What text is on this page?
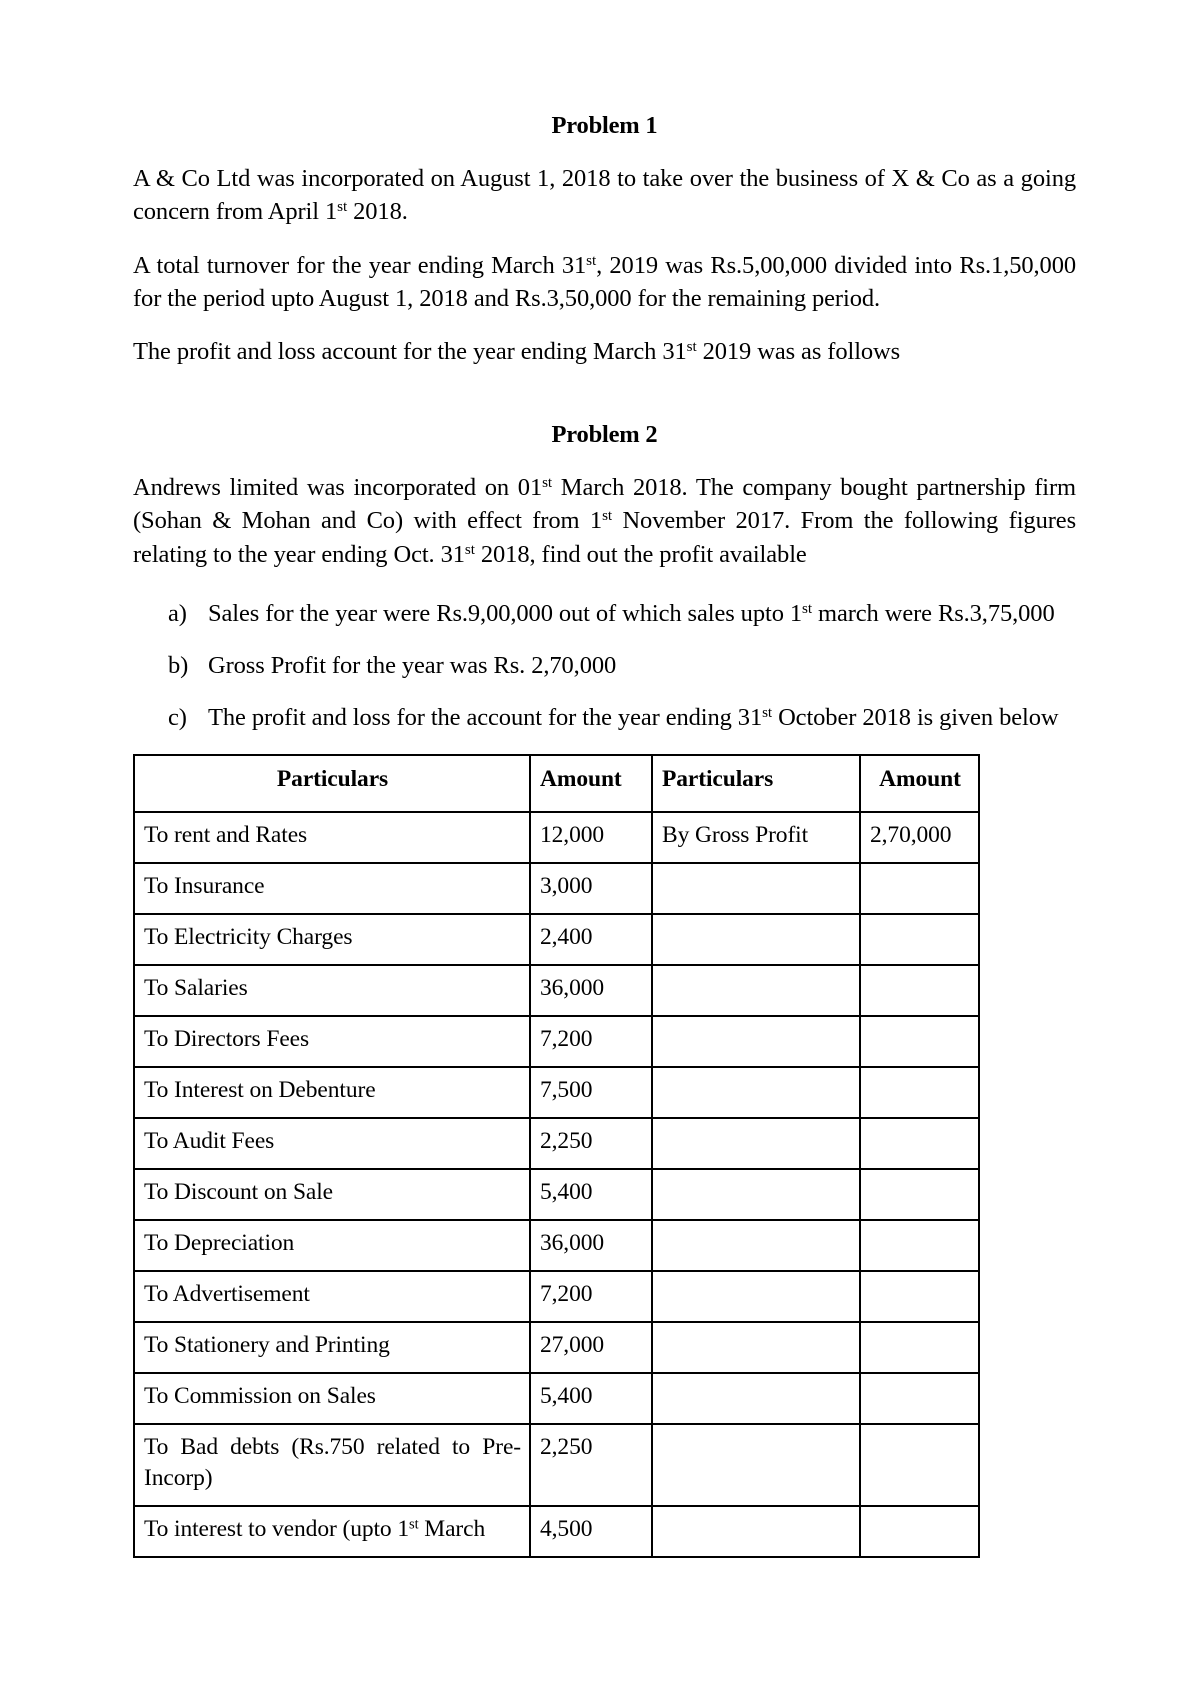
Problem 1

A & Co Ltd was incorporated on August 1, 2018 to take over the business of X & Co as a going concern from April 1st 2018.

A total turnover for the year ending March 31st, 2019 was Rs.5,00,000 divided into Rs.1,50,000 for the period upto August 1, 2018 and Rs.3,50,000 for the remaining period.

The profit and loss account for the year ending March 31st 2019 was as follows

Problem 2

Andrews limited was incorporated on 01st March 2018. The company bought partnership firm (Sohan & Mohan and Co) with effect from 1st November 2017. From the following figures relating to the year ending Oct. 31st 2018, find out the profit available

a) Sales for the year were Rs.9,00,000 out of which sales upto 1st march were Rs.3,75,000
b) Gross Profit for the year was Rs. 2,70,000
c) The profit and loss for the account for the year ending 31st October 2018 is given below
Particulars	Amount	Particulars	Amount
To rent and Rates	12,000	By Gross Profit	2,70,000
To Insurance	3,000		
To Electricity Charges	2,400		
To Salaries	36,000		
To Directors Fees	7,200		
To Interest on Debenture	7,500		
To Audit Fees	2,250		
To Discount on Sale	5,400		
To Depreciation	36,000		
To Advertisement	7,200		
To Stationery and Printing	27,000		
To Commission on Sales	5,400		
To Bad debts (Rs.750 related to Pre-Incorp)	2,250		
To interest to vendor (upto 1st March	4,500		
